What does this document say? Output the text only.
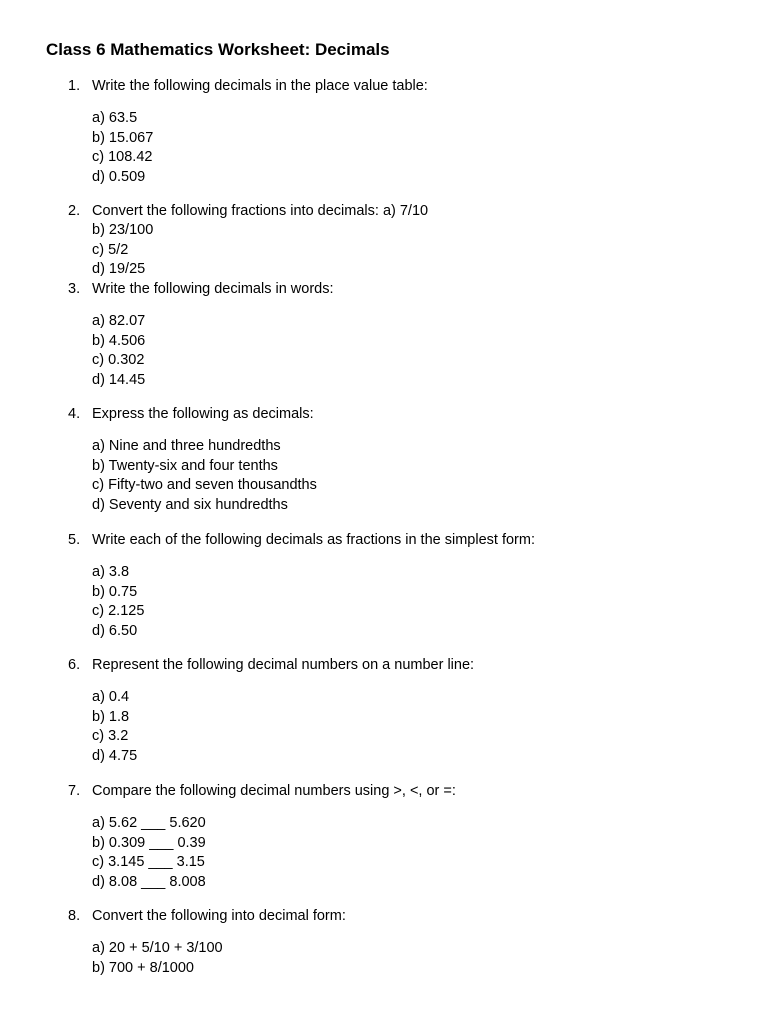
Class 6 Mathematics Worksheet: Decimals
1. Write the following decimals in the place value table:
a) 63.5
b) 15.067
c) 108.42
d) 0.509
2. Convert the following fractions into decimals: a) 7/10
b) 23/100
c) 5/2
d) 19/25
3. Write the following decimals in words:
a) 82.07
b) 4.506
c) 0.302
d) 14.45
4. Express the following as decimals:
a) Nine and three hundredths
b) Twenty-six and four tenths
c) Fifty-two and seven thousandths
d) Seventy and six hundredths
5. Write each of the following decimals as fractions in the simplest form:
a) 3.8
b) 0.75
c) 2.125
d) 6.50
6. Represent the following decimal numbers on a number line:
a) 0.4
b) 1.8
c) 3.2
d) 4.75
7. Compare the following decimal numbers using >, <, or =:
a) 5.62 ___ 5.620
b) 0.309 ___ 0.39
c) 3.145 ___ 3.15
d) 8.08 ___ 8.008
8. Convert the following into decimal form:
a) 20 + 5/10 + 3/100
b) 700 + 8/1000
